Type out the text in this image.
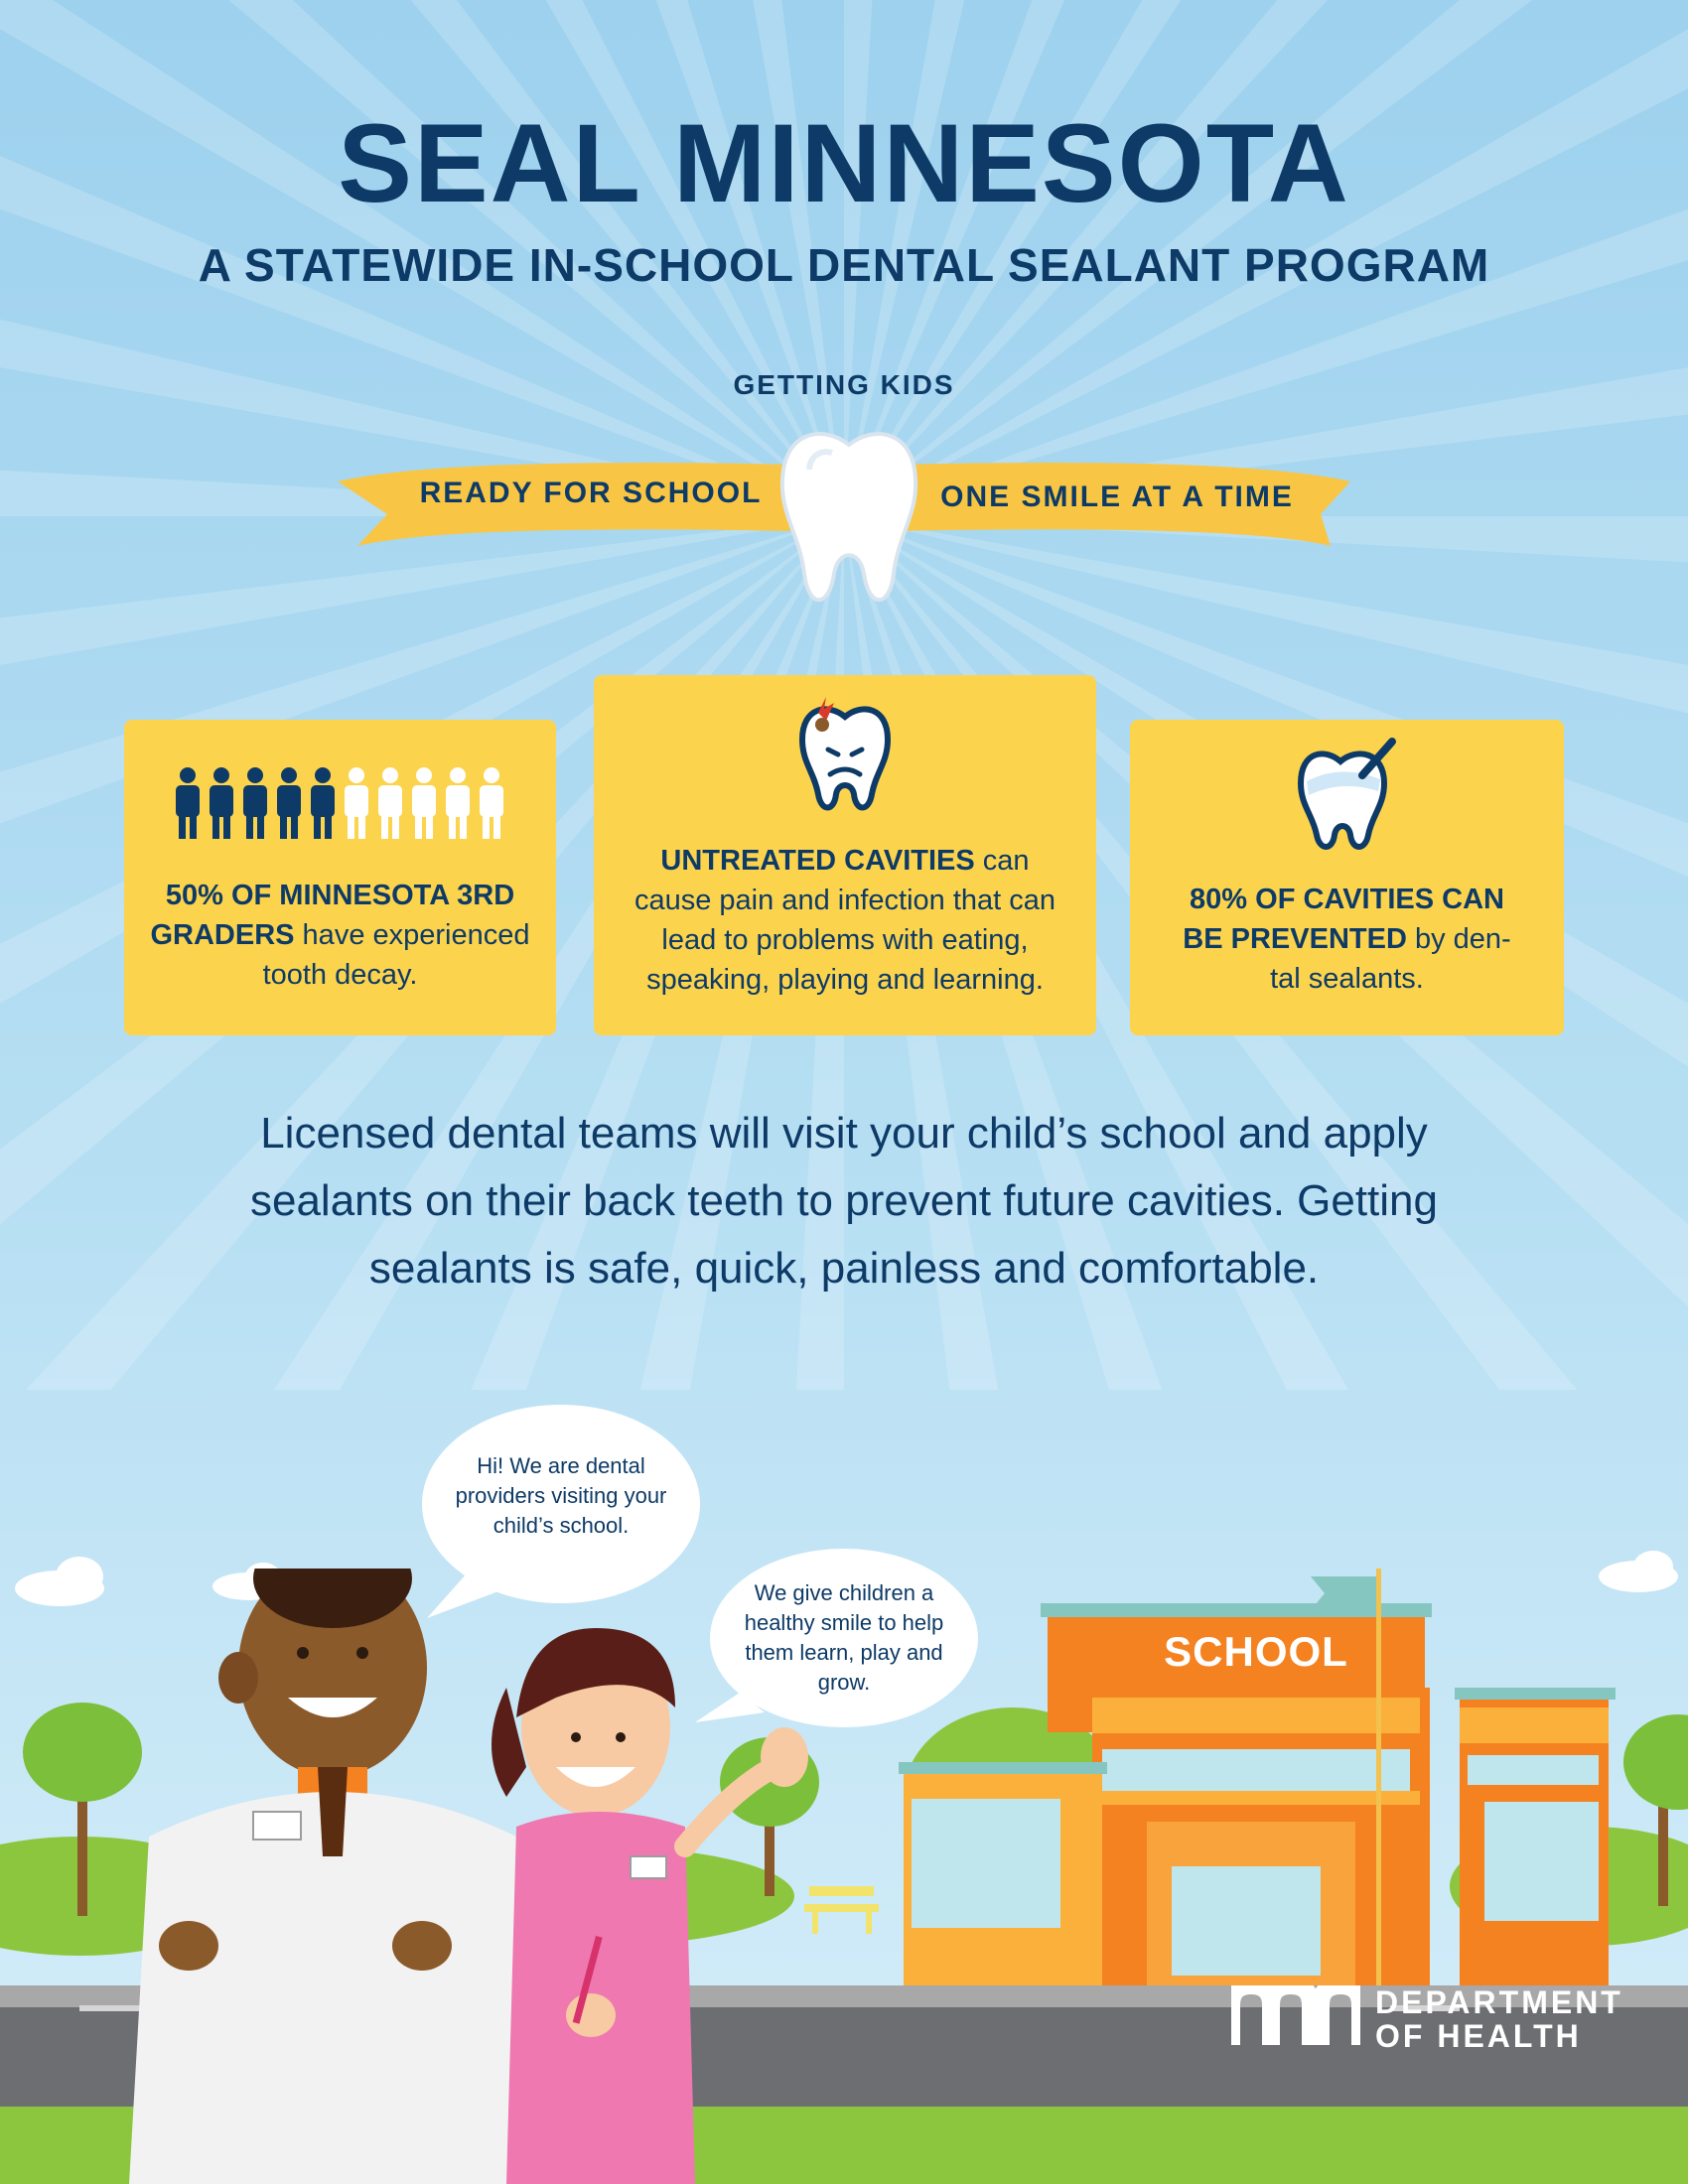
SEAL MINNESOTA
A STATEWIDE IN-SCHOOL DENTAL SEALANT PROGRAM
GETTING KIDS
READY FOR SCHOOL	ONE SMILE AT A TIME
50% OF MINNESOTA 3RD GRADERS have experienced tooth decay.
UNTREATED CAVITIES can cause pain and infection that can lead to problems with eating, speaking, playing and learning.
80% OF CAVITIES CAN BE PREVENTED by den-tal sealants.
Licensed dental teams will visit your child’s school and apply sealants on their back teeth to prevent future cavities. Getting sealants is safe, quick, painless and comfortable.
SCHOOL
Hi! We are dental providers visiting your child’s school.
We give children a healthy smile to help them learn, play and grow.
DEPARTMENT
OF HEALTH
